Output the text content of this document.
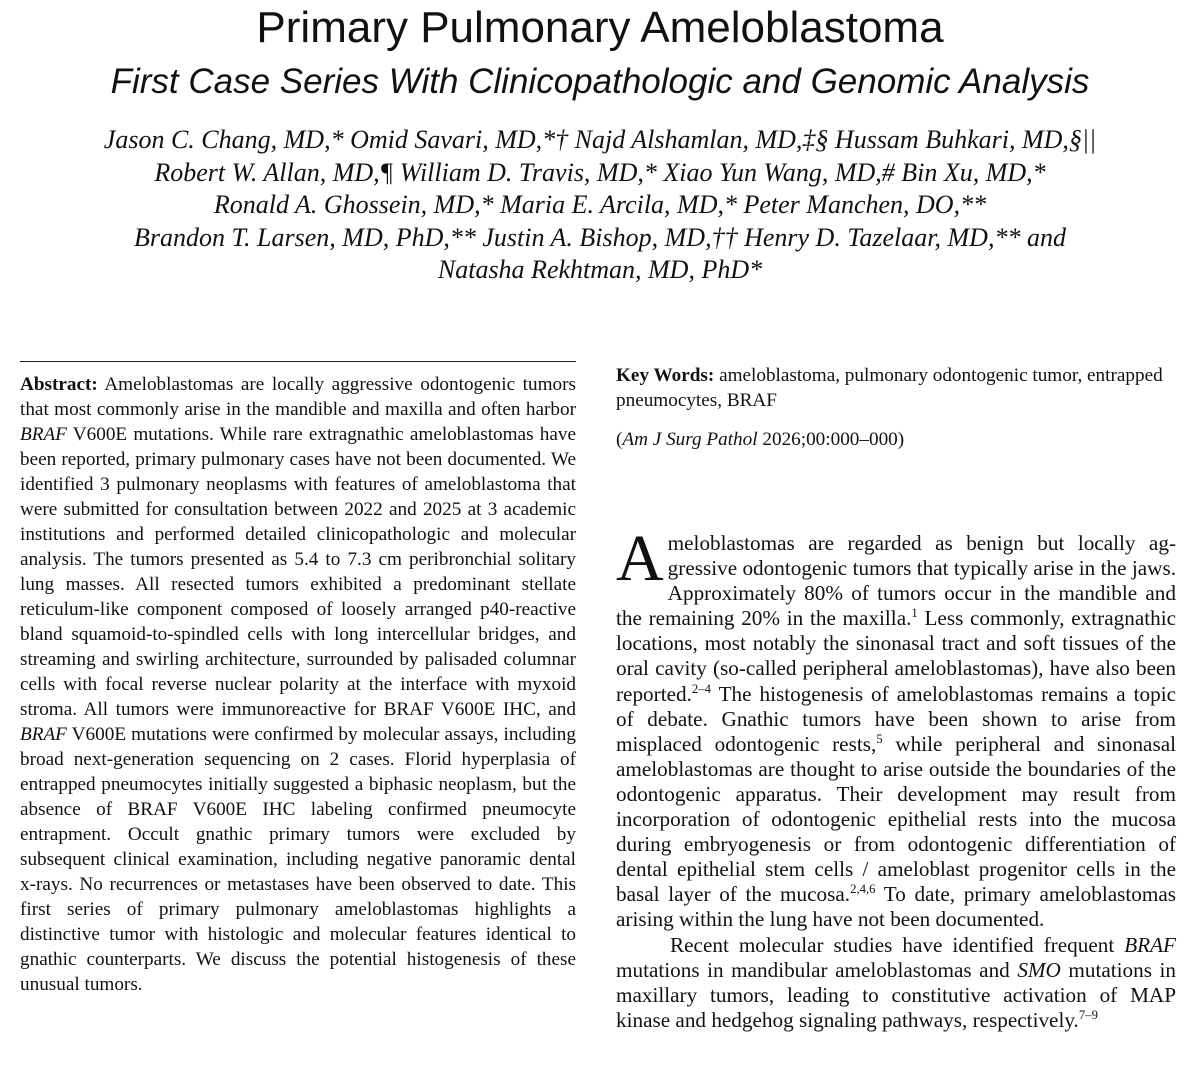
Primary Pulmonary Ameloblastoma
First Case Series With Clinicopathologic and Genomic Analysis
Jason C. Chang, MD,* Omid Savari, MD,*† Najd Alshamlan, MD,‡§ Hussam Buhkari, MD,§||
Robert W. Allan, MD,¶ William D. Travis, MD,* Xiao Yun Wang, MD,# Bin Xu, MD,*
Ronald A. Ghossein, MD,* Maria E. Arcila, MD,* Peter Manchen, DO,**
Brandon T. Larsen, MD, PhD,** Justin A. Bishop, MD,†† Henry D. Tazelaar, MD,** and
Natasha Rekhtman, MD, PhD*
Abstract: Ameloblastomas are locally aggressive odontogenic tumors that most commonly arise in the mandible and maxilla and often harbor BRAF V600E mutations. While rare extragnathic ameloblastomas have been reported, primary pulmonary cases have not been documented. We identified 3 pulmonary neoplasms with features of ameloblastoma that were submitted for consultation between 2022 and 2025 at 3 academic institutions and performed detailed clinicopathologic and molecular analysis. The tumors presented as 5.4 to 7.3 cm peribronchial solitary lung masses. All resected tumors exhibited a predominant stellate reticulum-like component composed of loosely arranged p40-reactive bland squamoid-to-spindled cells with long intercellular bridges, and streaming and swirling architecture, surrounded by palisaded columnar cells with focal reverse nuclear polarity at the interface with myxoid stroma. All tumors were immunoreactive for BRAF V600E IHC, and BRAF V600E mutations were confirmed by molecular assays, including broad next-generation sequencing on 2 cases. Florid hyperplasia of entrapped pneumocytes initially suggested a biphasic neoplasm, but the absence of BRAF V600E IHC labeling confirmed pneumocyte entrapment. Occult gnathic primary tumors were excluded by subsequent clinical examination, including negative panoramic dental x-rays. No recurrences or metastases have been observed to date. This first series of primary pulmonary ameloblastomas highlights a distinctive tumor with histologic and molecular features identical to gnathic counterparts. We discuss the potential histogenesis of these unusual tumors.
Key Words: ameloblastoma, pulmonary odontogenic tumor, entrapped pneumocytes, BRAF
(Am J Surg Pathol 2026;00:000–000)

Ameloblastomas are regarded as benign but locally aggressive odontogenic tumors that typically arise in the jaws. Approximately 80% of tumors occur in the mandible and the remaining 20% in the maxilla.$^1$ Less commonly, extragnathic locations, most notably the sinonasal tract and soft tissues of the oral cavity (so-called peripheral ameloblastomas), have also been reported.$^{2-4}$ The histogenesis of ameloblastomas remains a topic of debate. Gnathic tumors have been shown to arise from misplaced odontogenic rests,$^5$ while peripheral and sinonasal ameloblastomas are thought to arise outside the boundaries of the odontogenic apparatus. Their development may result from incorporation of odontogenic epithelial rests into the mucosa during embryogenesis or from odontogenic differentiation of dental epithelial stem cells / ameloblast progenitor cells in the basal layer of the mucosa.$^{2,4,6}$ To date, primary ameloblastomas arising within the lung have not been documented.

Recent molecular studies have identified frequent BRAF mutations in mandibular ameloblastomas and SMO mutations in maxillary tumors, leading to constitutive activation of MAP kinase and hedgehog signaling pathways, respectively.$^{7-9}$
